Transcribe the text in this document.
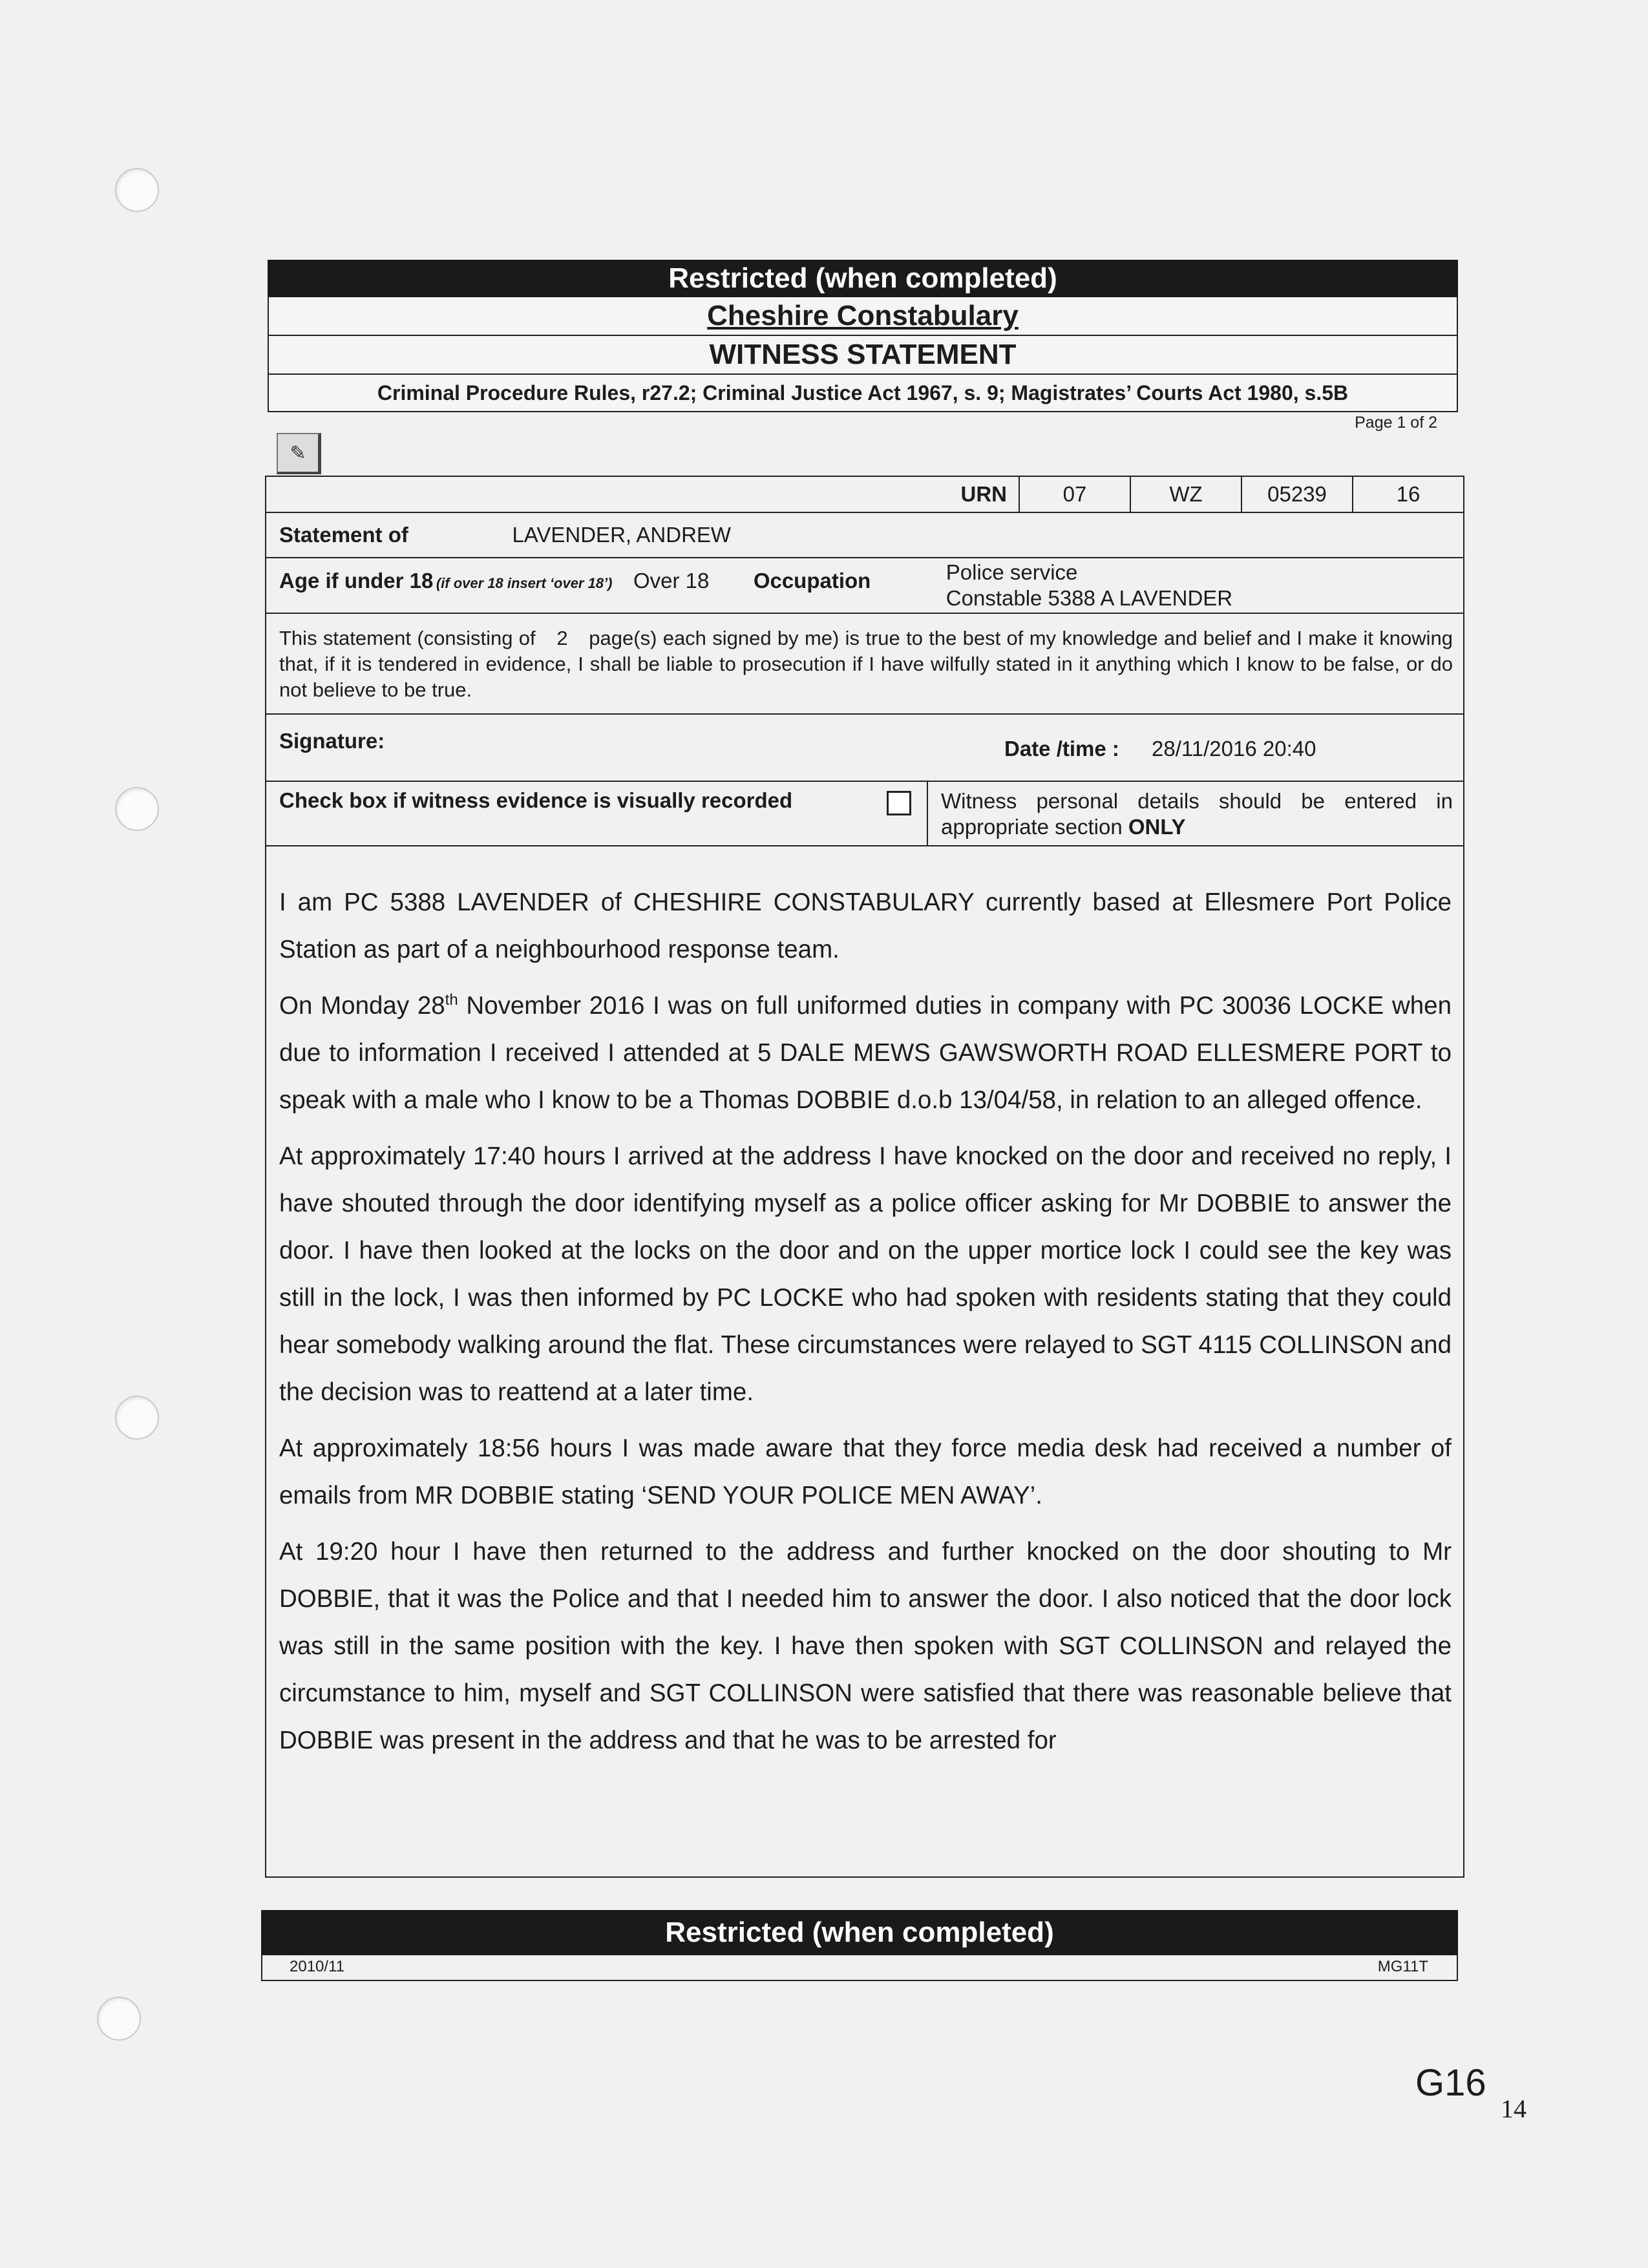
Restricted (when completed)
Cheshire Constabulary
WITNESS STATEMENT
Criminal Procedure Rules, r27.2; Criminal Justice Act 1967, s. 9; Magistrates’ Courts Act 1980, s.5B
Page 1 of 2
✎
URN	07	WZ	05239	16
Statement of	LAVENDER, ANDREW
Age if under 18 (if over 18 insert ‘over 18’) Over 18 Occupation	Police service
Constable 5388 A LAVENDER

This statement (consisting of 2 page(s) each signed by me) is true to the best of my knowledge and belief and I make it knowing that, if it is tendered in evidence, I shall be liable to prosecution if I have wilfully stated in it anything which I know to be false, or do not believe to be true.
Signature:	Date /time : 28/11/2016 20:40

Check box if witness evidence is visually recorded	Witness personal details should be entered in appropriate section ONLY

I am PC 5388 LAVENDER of CHESHIRE CONSTABULARY currently based at Ellesmere Port Police Station as part of a neighbourhood response team.

On Monday 28th November 2016 I was on full uniformed duties in company with PC 30036 LOCKE when due to information I received I attended at 5 DALE MEWS GAWSWORTH ROAD ELLESMERE PORT to speak with a male who I know to be a Thomas DOBBIE d.o.b 13/04/58, in relation to an alleged offence.

At approximately 17:40 hours I arrived at the address I have knocked on the door and received no reply, I have shouted through the door identifying myself as a police officer asking for Mr DOBBIE to answer the door. I have then looked at the locks on the door and on the upper mortice lock I could see the key was still in the lock, I was then informed by PC LOCKE who had spoken with residents stating that they could hear somebody walking around the flat. These circumstances were relayed to SGT 4115 COLLINSON and the decision was to reattend at a later time.

At approximately 18:56 hours I was made aware that they force media desk had received a number of emails from MR DOBBIE stating ‘SEND YOUR POLICE MEN AWAY’.

At 19:20 hour I have then returned to the address and further knocked on the door shouting to Mr DOBBIE, that it was the Police and that I needed him to answer the door. I also noticed that the door lock was still in the same position with the key. I have then spoken with SGT COLLINSON and relayed the circumstance to him, myself and SGT COLLINSON were satisfied that there was reasonable believe that DOBBIE was present in the address and that he was to be arrested for

Restricted (when completed)
2010/11	MG11T
G16
14
